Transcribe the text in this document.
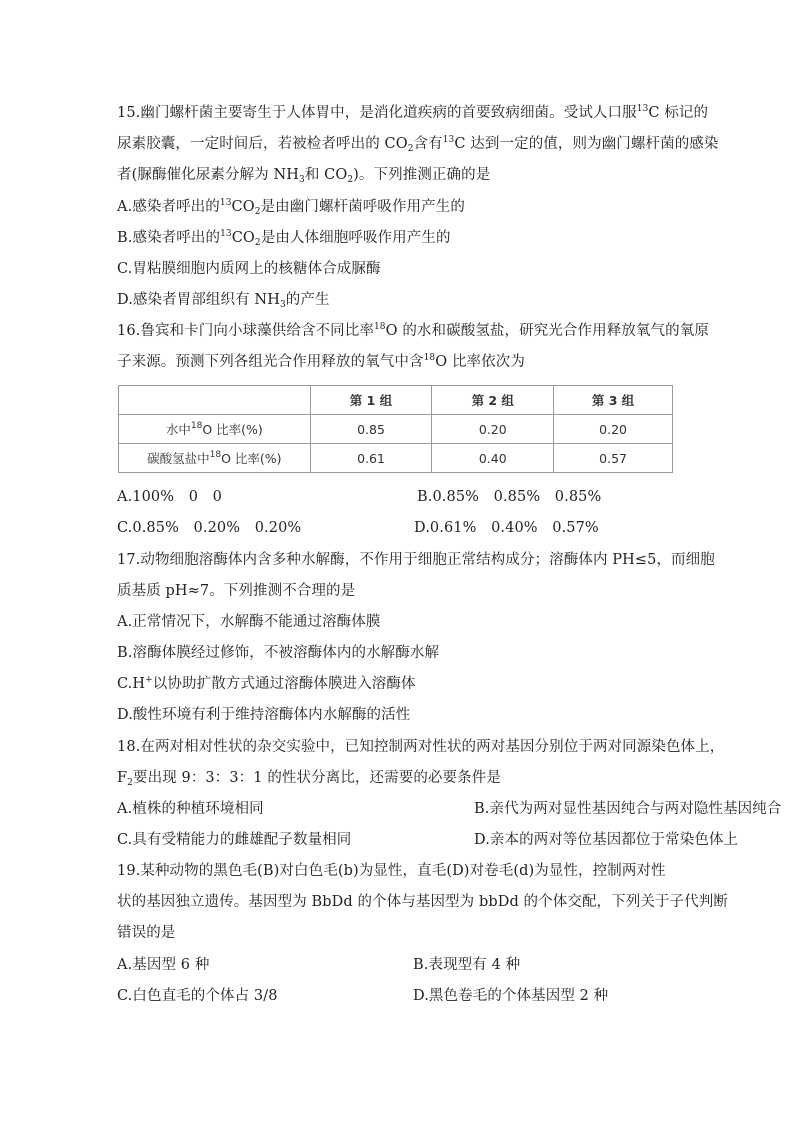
15.幽门螺杆菌主要寄生于人体胃中，是消化道疾病的首要致病细菌。受试人口服$^{13}$C 标记的
尿素胶囊，一定时间后，若被检者呼出的 $CO_2$含有$^{13}$C 达到一定的值，则为幽门螺杆菌的感染
者(脲酶催化尿素分解为 $NH_3$和 $CO_2$)。下列推测正确的是
A.感染者呼出的$^{13}CO_2$是由幽门螺杆菌呼吸作用产生的
B.感染者呼出的$^{13}CO_2$是由人体细胞呼吸作用产生的
C.胃粘膜细胞内质网上的核糖体合成脲酶
D.感染者胃部组织有 $NH_3$的产生
16.鲁宾和卡门向小球藻供给含不同比率$^{18}$O 的水和碳酸氢盐，研究光合作用释放氧气的氧原
子来源。预测下列各组光合作用释放的氧气中含$^{18}$O 比率依次为
	第 1 组	第 2 组	第 3 组
水中$^{18}$O 比率(%)	0.85	0.20	0.20
碳酸氢盐中$^{18}$O 比率(%)	0.61	0.40	0.57
A.100%　0　0	B.0.85%　0.85%　0.85%
C.0.85%　0.20%　0.20%	D.0.61%　0.40%　0.57%
17.动物细胞溶酶体内含多种水解酶，不作用于细胞正常结构成分；溶酶体内 PH≤5，而细胞
质基质 pH≈7。下列推测不合理的是
A.正常情况下，水解酶不能通过溶酶体膜
B.溶酶体膜经过修饰，不被溶酶体内的水解酶水解
C.H+以协助扩散方式通过溶酶体膜进入溶酶体
D.酸性环境有利于维持溶酶体内水解酶的活性
18.在两对相对性状的杂交实验中，已知控制两对性状的两对基因分别位于两对同源染色体上，
$F_2$要出现 9：3：3：1 的性状分离比，还需要的必要条件是
A.植株的种植环境相同	B.亲代为两对显性基因纯合与两对隐性基因纯合
C.具有受精能力的雌雄配子数量相同	D.亲本的两对等位基因都位于常染色体上
19.某种动物的黑色毛(B)对白色毛(b)为显性，直毛(D)对卷毛(d)为显性，控制两对性
状的基因独立遗传。基因型为 BbDd 的个体与基因型为 bbDd 的个体交配，下列关于子代判断
错误的是
A.基因型 6 种	B.表现型有 4 种
C.白色直毛的个体占 3/8	D.黑色卷毛的个体基因型 2 种
